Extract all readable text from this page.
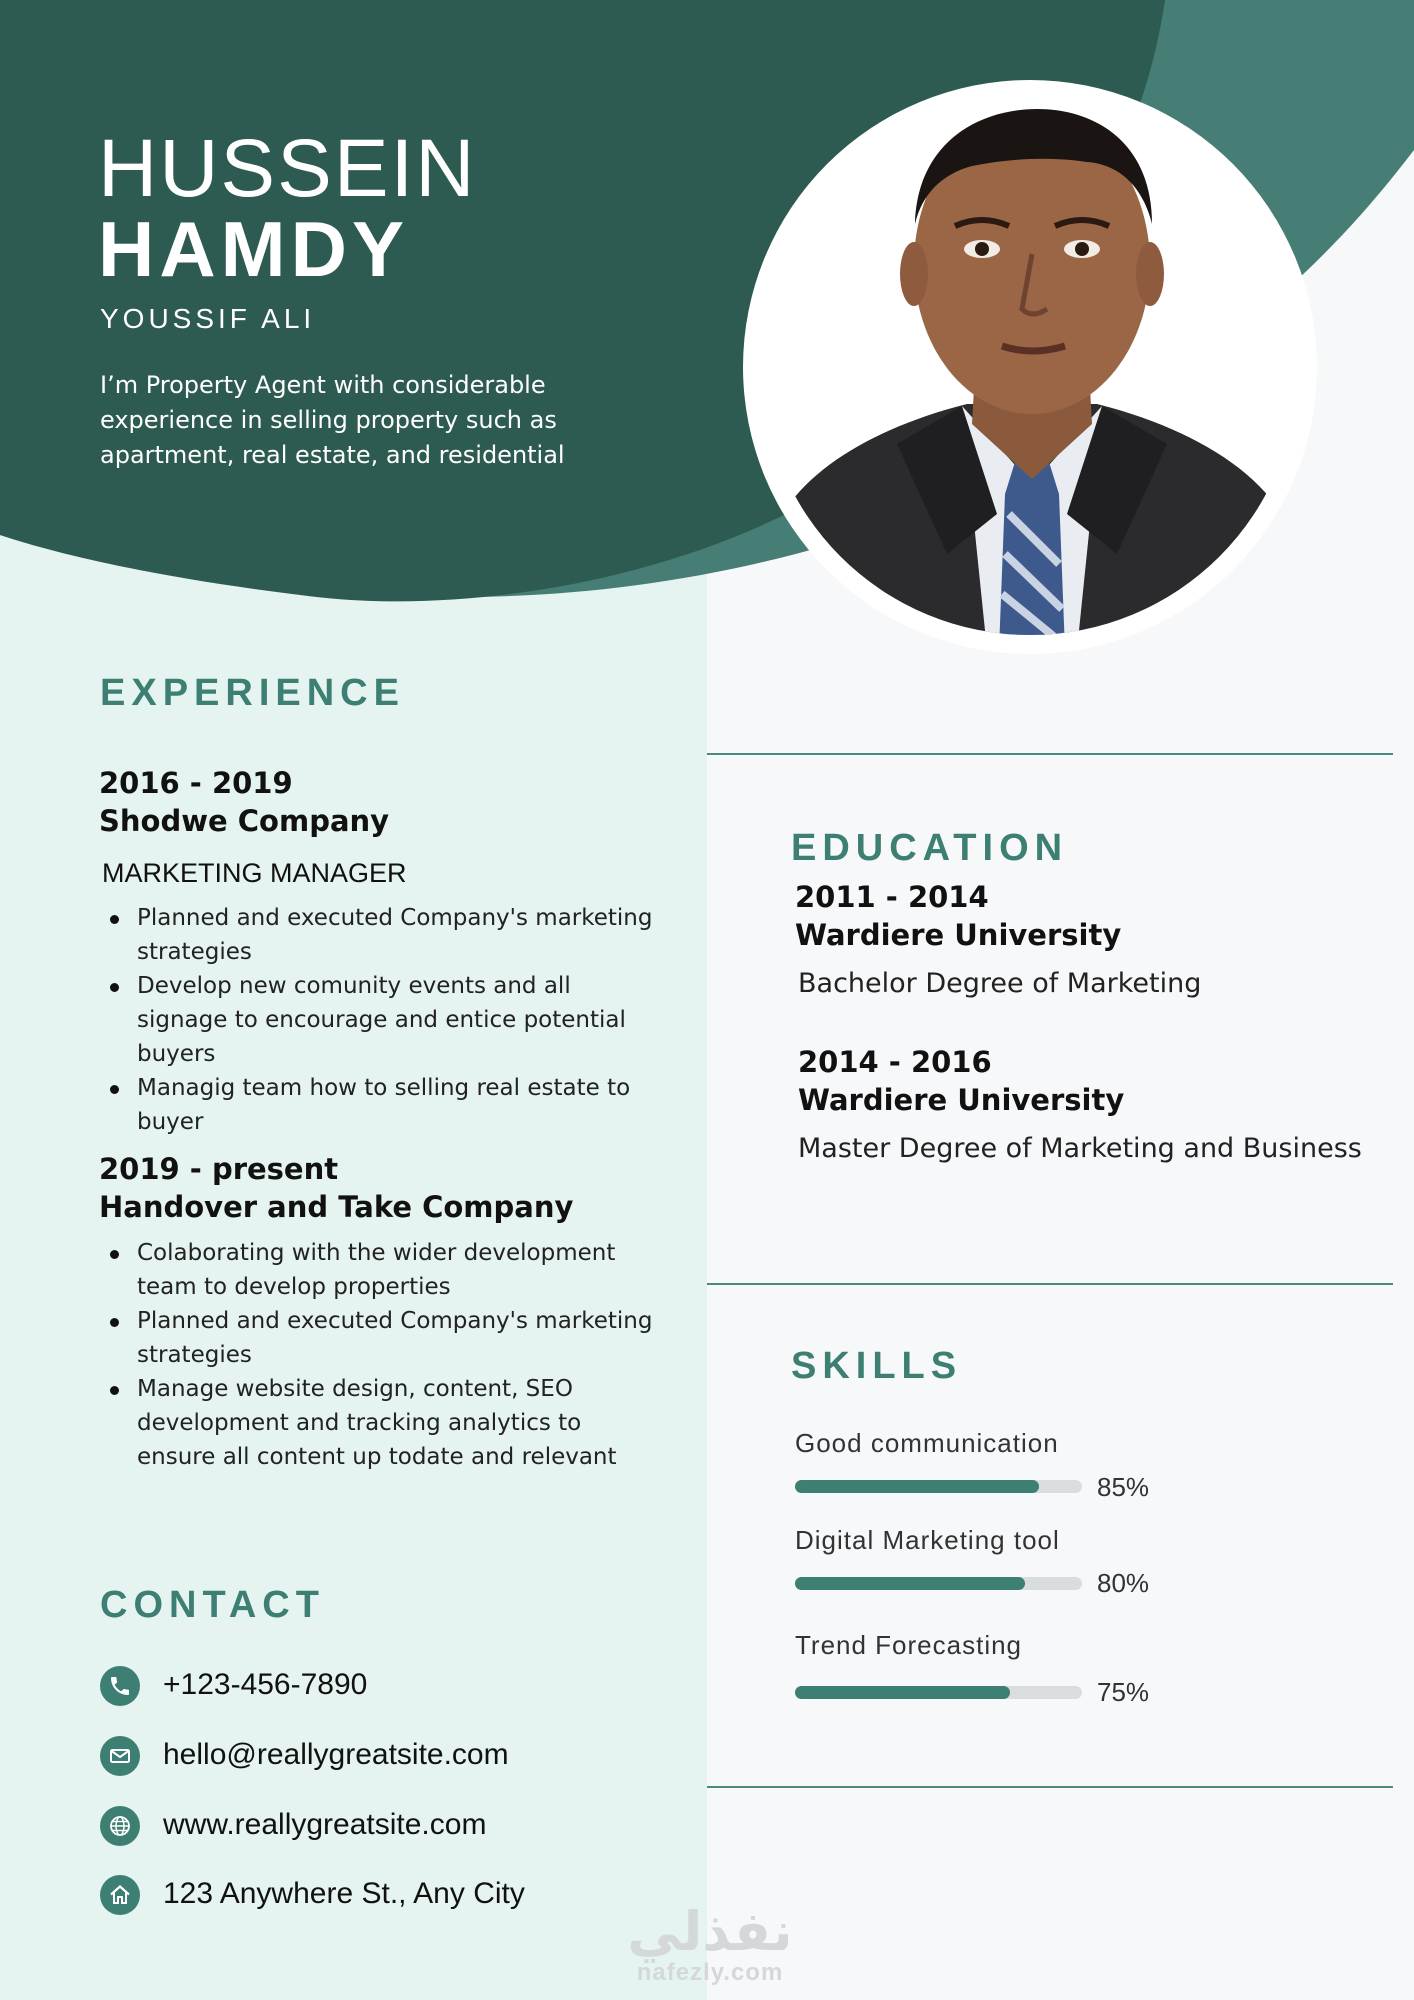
HUSSEIN
HAMDY
YOUSSIF ALI
I’m Property Agent with considerable experience in selling property such as apartment, real estate, and residential
EXPERIENCE
2016 - 2019
Shodwe Company
MARKETING MANAGER
Planned and executed Company's marketing strategies
Develop new comunity events and all signage to encourage and entice potential buyers
Managig team how to selling real estate to buyer
2019 - present
Handover and Take Company
Colaborating with the wider development team to develop properties
Planned and executed Company's marketing strategies
Manage website design, content, SEO development and tracking analytics to ensure all content up todate and relevant
CONTACT
+123-456-7890
hello@reallygreatsite.com
www.reallygreatsite.com
123 Anywhere St., Any City
EDUCATION
2011 - 2014
Wardiere University
Bachelor Degree of Marketing
2014 - 2016
Wardiere University
Master Degree of Marketing and Business
SKILLS
Good communication
85%
Digital Marketing tool
80%
Trend Forecasting
75%
نفذلي
nafezly.com
